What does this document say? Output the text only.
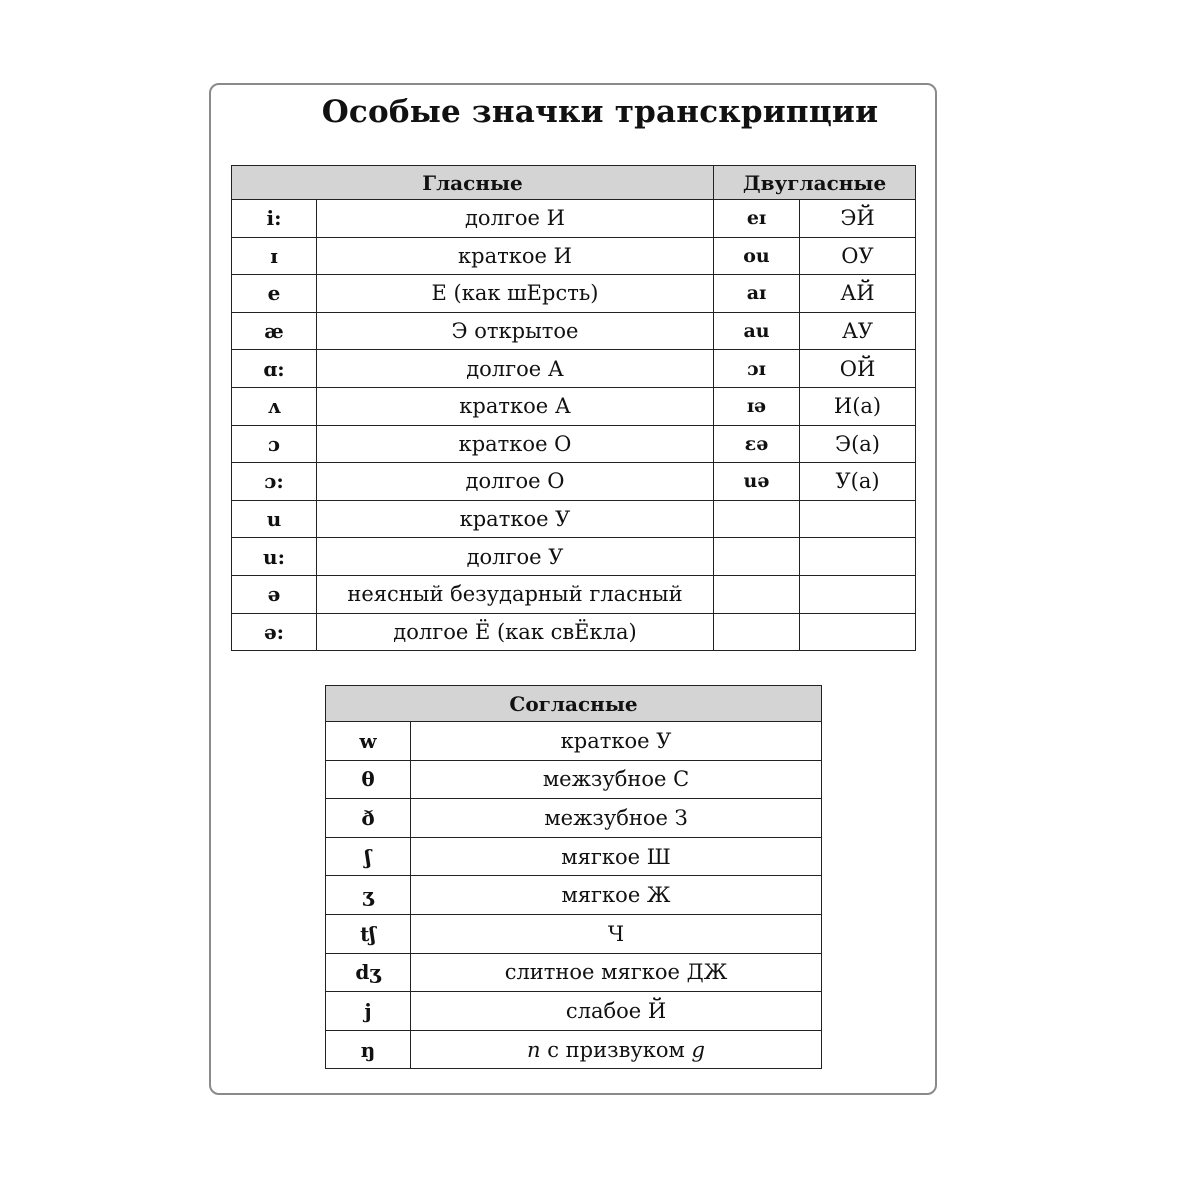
Особые значки транскрипции
Гласные		Двугласные	
i:	долгое И	eɪ	ЭЙ
ɪ	краткое И	ou	ОУ
e	Е (как шЕрсть)	aɪ	АЙ
æ	Э открытое	au	АУ
ɑ:	долгое А	ɔɪ	ОЙ
ʌ	краткое А	ɪə	И(а)
ɔ	краткое О	ɛə	Э(а)
ɔ:	долгое О	uə	У(а)
u	краткое У		
u:	долгое У		
ə	неясный безударный гласный		
ə:	долгое Ё (как свЁкла)		
Согласные	
w	краткое У
θ	межзубное С
ð	межзубное З
ʃ	мягкое Ш
ʒ	мягкое Ж
tʃ	Ч
dʒ	слитное мягкое ДЖ
j	слабое Й
ŋ	n с призвуком g
